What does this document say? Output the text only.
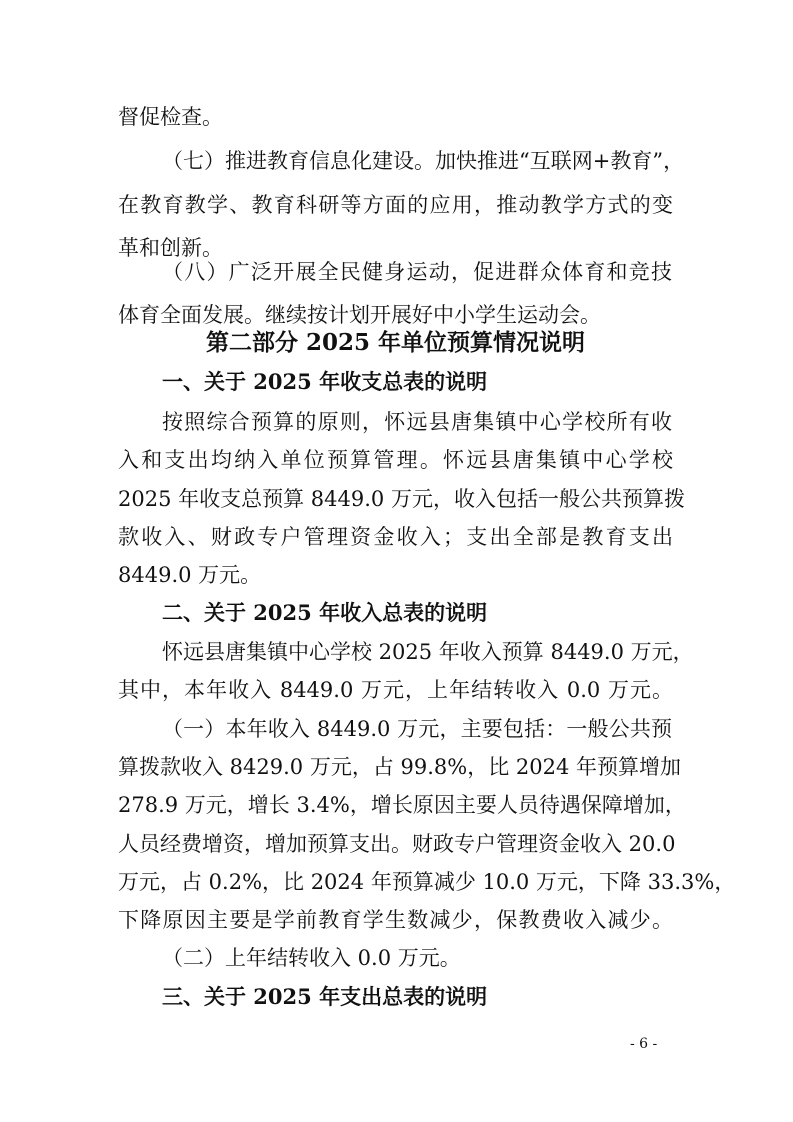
督促检查。
（七）推进教育信息化建设。加快推进“互联网+教育”，
在教育教学、教育科研等方面的应用，推动教学方式的变
革和创新。
（八）广泛开展全民健身运动，促进群众体育和竞技
体育全面发展。继续按计划开展好中小学生运动会。
第二部分 2025 年单位预算情况说明
一、关于 2025 年收支总表的说明
按照综合预算的原则，怀远县唐集镇中心学校所有收
入和支出均纳入单位预算管理。怀远县唐集镇中心学校
2025 年收支总预算 8449.0 万元，收入包括一般公共预算拨
款收入、财政专户管理资金收入；支出全部是教育支出
8449.0 万元。
二、关于 2025 年收入总表的说明
怀远县唐集镇中心学校 2025 年收入预算 8449.0 万元，
其中，本年收入 8449.0 万元，上年结转收入 0.0 万元。
（一）本年收入 8449.0 万元，主要包括：一般公共预
算拨款收入 8429.0 万元，占 99.8%，比 2024 年预算增加
278.9 万元，增长 3.4%，增长原因主要人员待遇保障增加，
人员经费增资，增加预算支出。财政专户管理资金收入 20.0
万元，占 0.2%，比 2024 年预算减少 10.0 万元，下降 33.3%，
下降原因主要是学前教育学生数减少，保教费收入减少。
（二）上年结转收入 0.0 万元。
三、关于 2025 年支出总表的说明
- 6 -
